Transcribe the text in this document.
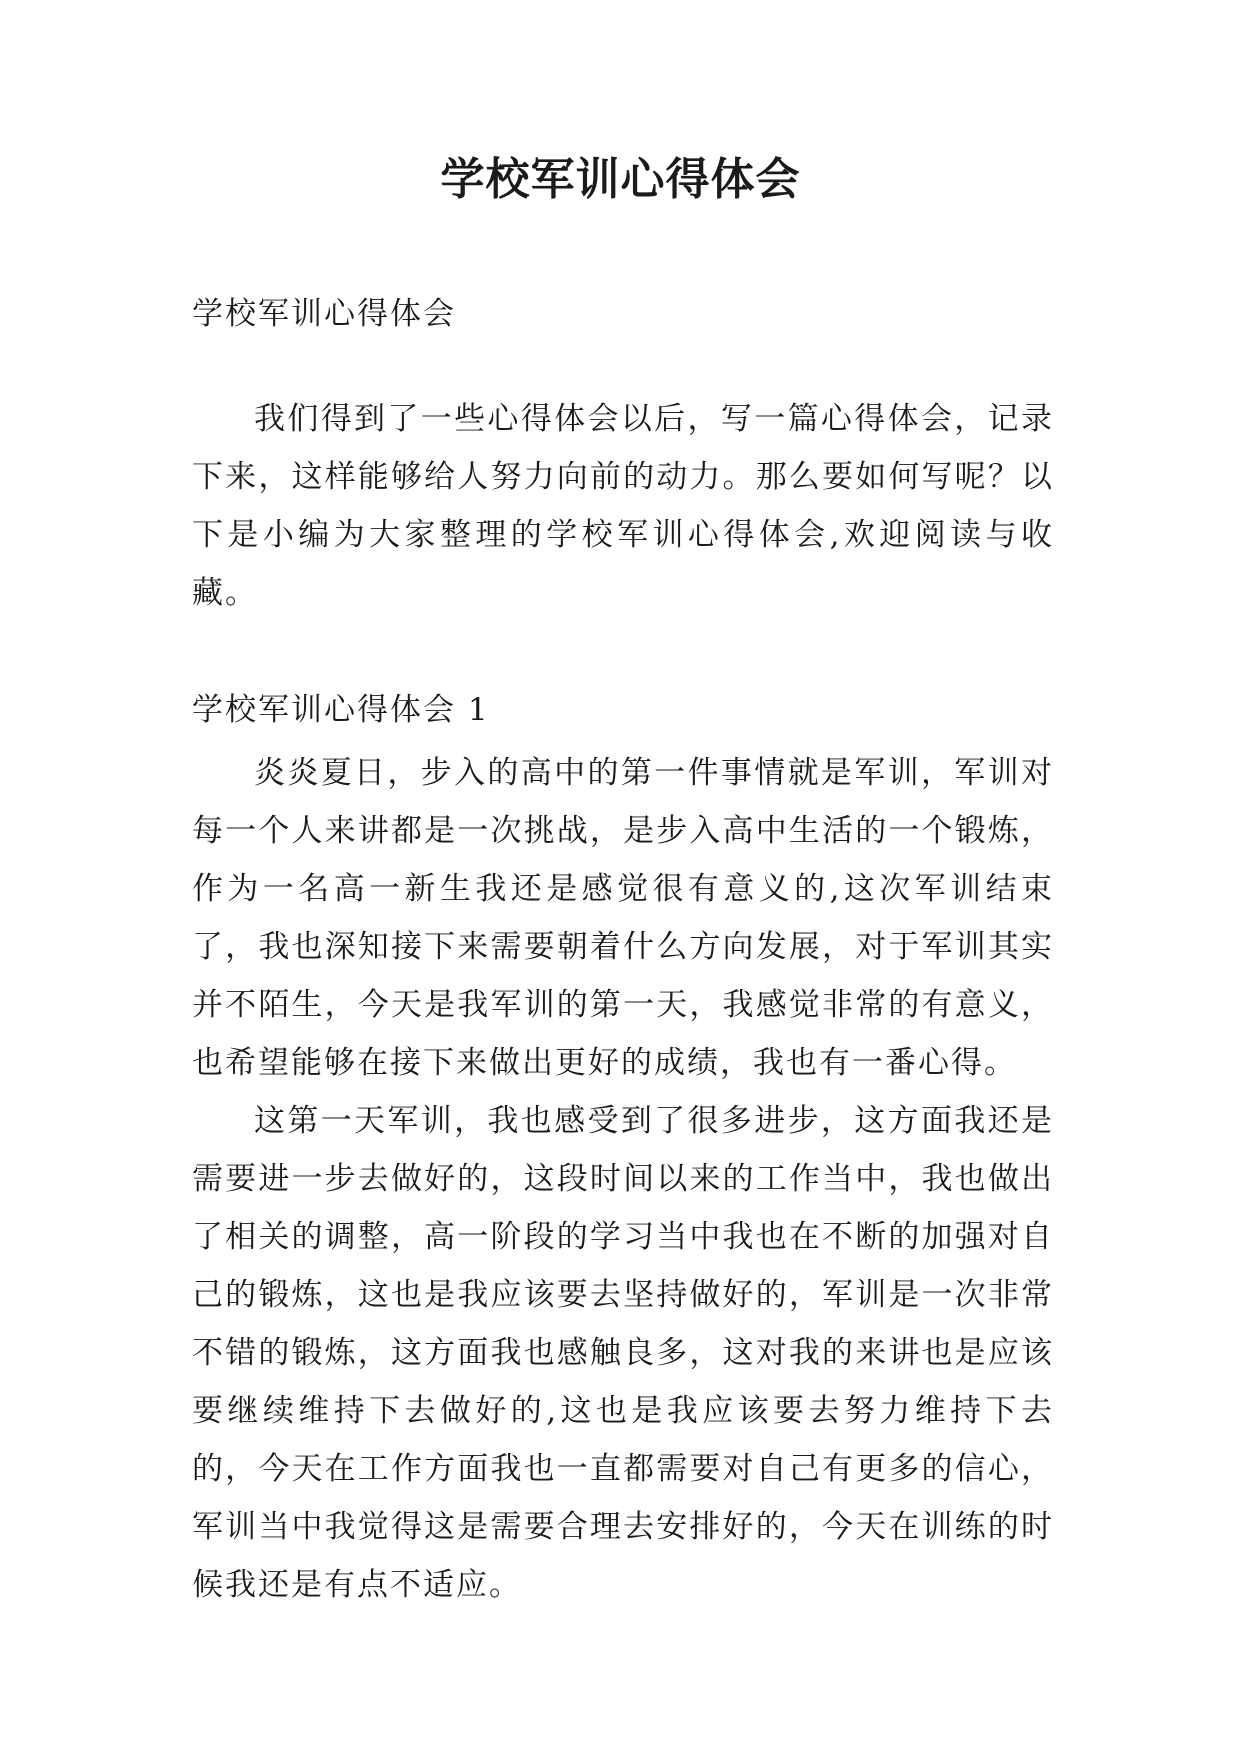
学校军训心得体会

学校军训心得体会

我们得到了一些心得体会以后，写一篇心得体会，记录下来，这样能够给人努力向前的动力。那么要如何写呢？以下是小编为大家整理的学校军训心得体会,欢迎阅读与收藏。

学校军训心得体会 1

炎炎夏日，步入的高中的第一件事情就是军训，军训对每一个人来讲都是一次挑战，是步入高中生活的一个锻炼，作为一名高一新生我还是感觉很有意义的,这次军训结束了，我也深知接下来需要朝着什么方向发展，对于军训其实并不陌生，今天是我军训的第一天，我感觉非常的有意义，也希望能够在接下来做出更好的成绩，我也有一番心得。

这第一天军训，我也感受到了很多进步，这方面我还是需要进一步去做好的，这段时间以来的工作当中，我也做出了相关的调整，高一阶段的学习当中我也在不断的加强对自己的锻炼，这也是我应该要去坚持做好的，军训是一次非常不错的锻炼，这方面我也感触良多，这对我的来讲也是应该要继续维持下去做好的,这也是我应该要去努力维持下去的，今天在工作方面我也一直都需要对自己有更多的信心，军训当中我觉得这是需要合理去安排好的，今天在训练的时候我还是有点不适应。
